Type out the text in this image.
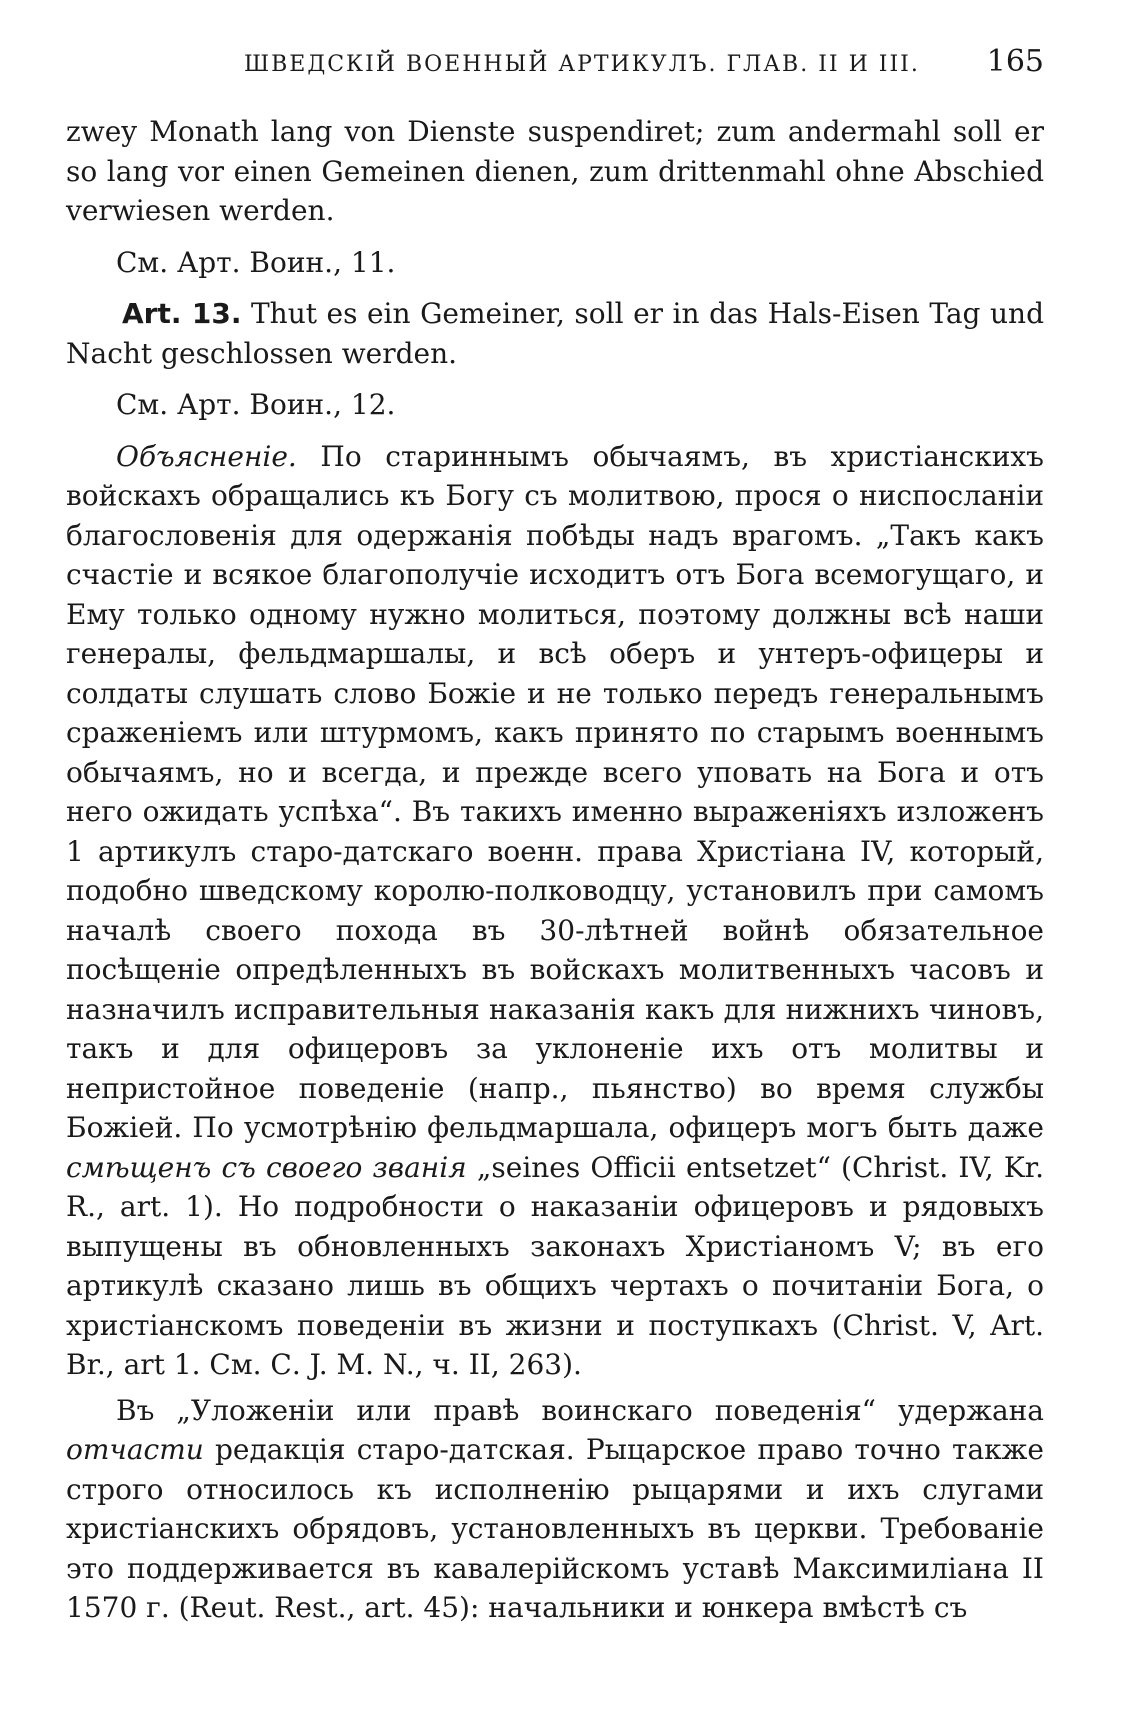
ШВЕДСКІЙ ВОЕННЫЙ АРТИКУЛЪ. ГЛАВ. II И III. 165

zwey Monath lang von Dienste suspendiret; zum andermahl soll er so lang vor einen Gemeinen dienen, zum drittenmahl ohne Abschied verwiesen werden.

См. Арт. Воин., 11.

Art. 13. Thut es ein Gemeiner, soll er in das Hals-Eisen Tag und Nacht geschlossen werden.

См. Арт. Воин., 12.

Объясненіе. По стариннымъ обычаямъ, въ христіанскихъ войскахъ обращались къ Богу съ молитвою, прося о ниспосланіи благословенія для одержанія побѣды надъ врагомъ. „Такъ какъ счастіе и всякое благополучіе исходитъ отъ Бога всемогущаго, и Ему только одному нужно молиться, поэтому должны всѣ наши генералы, фельдмаршалы, и всѣ оберъ и унтеръ-офицеры и солдаты слушать слово Божіе и не только передъ генеральнымъ сраженіемъ или штурмомъ, какъ принято по старымъ военнымъ обычаямъ, но и всегда, и прежде всего уповать на Бога и отъ него ожидать успѣха“. Въ такихъ именно выраженіяхъ изложенъ 1 артикулъ старо-датскаго военн. права Христіана IV, который, подобно шведскому королю-полководцу, установилъ при самомъ началѣ своего похода въ 30-лѣтней войнѣ обязательное посѣщеніе опредѣленныхъ въ войскахъ молитвенныхъ часовъ и назначилъ исправительныя наказанія какъ для нижнихъ чиновъ, такъ и для офицеровъ за уклоненіе ихъ отъ молитвы и непристойное поведеніе (напр., пьянство) во время службы Божіей. По усмотрѣнію фельдмаршала, офицеръ могъ быть даже смѣщенъ съ своего званія „seines Officii entsetzet“ (Christ. IV, Kr. R., art. 1). Но подробности о наказаніи офицеровъ и рядовыхъ выпущены въ обновленныхъ законахъ Христіаномъ V; въ его артикулѣ сказано лишь въ общихъ чертахъ о почитаніи Бога, о христіанскомъ поведеніи въ жизни и поступкахъ (Christ. V, Art. Br., art 1. См. С. J. M. N., ч. II, 263).

Въ „Уложеніи или правѣ воинскаго поведенія“ удержана отчасти редакція старо-датская. Рыцарское право точно также строго относилось къ исполненію рыцарями и ихъ слугами христіанскихъ обрядовъ, установленныхъ въ церкви. Требованіе это поддерживается въ кавалерійскомъ уставѣ Максимиліана II 1570 г. (Reut. Rest., art. 45): начальники и юнкера вмѣстѣ съ
